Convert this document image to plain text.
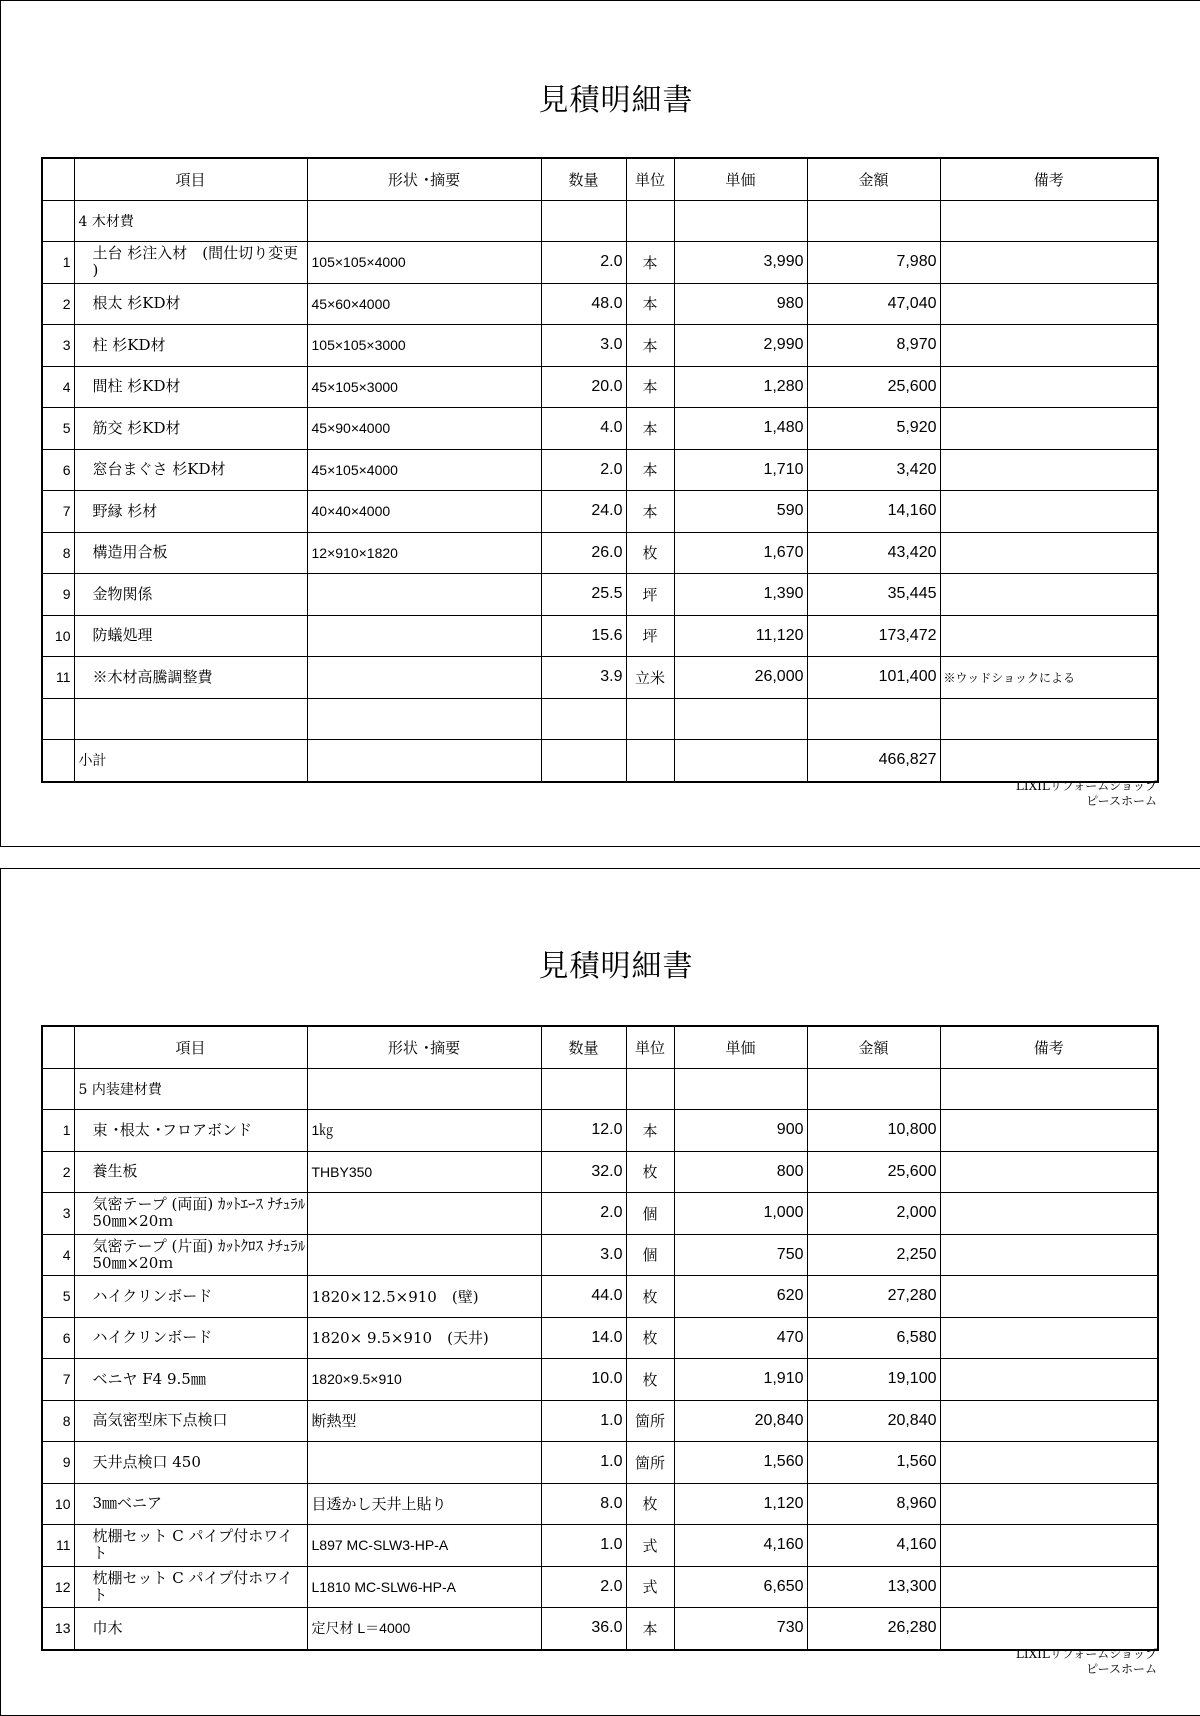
見積明細書
	項目	形状 ･摘要	数量	単位	単価	金額	備考
	4 木材費						
1	土台 杉注入材　(間仕切り変更 )	105×105×4000	2.0	本	3,990	7,980	
2	根太 杉KD材	45×60×4000	48.0	本	980	47,040	
3	柱 杉KD材	105×105×3000	3.0	本	2,990	8,970	
4	間柱 杉KD材	45×105×3000	20.0	本	1,280	25,600	
5	筋交 杉KD材	45×90×4000	4.0	本	1,480	5,920	
6	窓台まぐさ 杉KD材	45×105×4000	2.0	本	1,710	3,420	
7	野縁 杉材	40×40×4000	24.0	本	590	14,160	
8	構造用合板	12×910×1820	26.0	枚	1,670	43,420	
9	金物関係		25.5	坪	1,390	35,445	
10	防蟻処理		15.6	坪	11,120	173,472	
11	※木材高騰調整費		3.9	立米	26,000	101,400	※ウッドショックによる

	小計					466,827	
LIXILリフォームショップ
ピースホーム
見積明細書
	項目	形状 ･摘要	数量	単位	単価	金額	備考
	5 内装建材費						
1	束 ･根太 ･フロアボンド	1㎏	12.0	本	900	10,800	
2	養生板	THBY350	32.0	枚	800	25,600	
3	気密テープ (両面) ｶｯﾄｴｰｽ ﾅﾁｭﾗﾙ 50㎜×20ｍ		2.0	個	1,000	2,000	
4	気密テープ (片面) ｶｯﾄｸﾛｽ ﾅﾁｭﾗﾙ 50㎜×20ｍ		3.0	個	750	2,250	
5	ハイクリンボード	1820×12.5×910　(壁)	44.0	枚	620	27,280	
6	ハイクリンボード	1820× 9.5×910　(天井)	14.0	枚	470	6,580	
7	ベニヤ F4 9.5㎜	1820×9.5×910	10.0	枚	1,910	19,100	
8	高気密型床下点検口	断熱型	1.0	箇所	20,840	20,840	
9	天井点検口 450		1.0	箇所	1,560	1,560	
10	3㎜ベニア	目透かし天井上貼り	8.0	枚	1,120	8,960	
11	枕棚セット C パイプ付ホワイト	L897 MC-SLW3-HP-A	1.0	式	4,160	4,160	
12	枕棚セット C パイプ付ホワイト	L1810 MC-SLW6-HP-A	2.0	式	6,650	13,300	
13	巾木	定尺材 L＝4000	36.0	本	730	26,280	
LIXILリフォームショップ
ピースホーム
